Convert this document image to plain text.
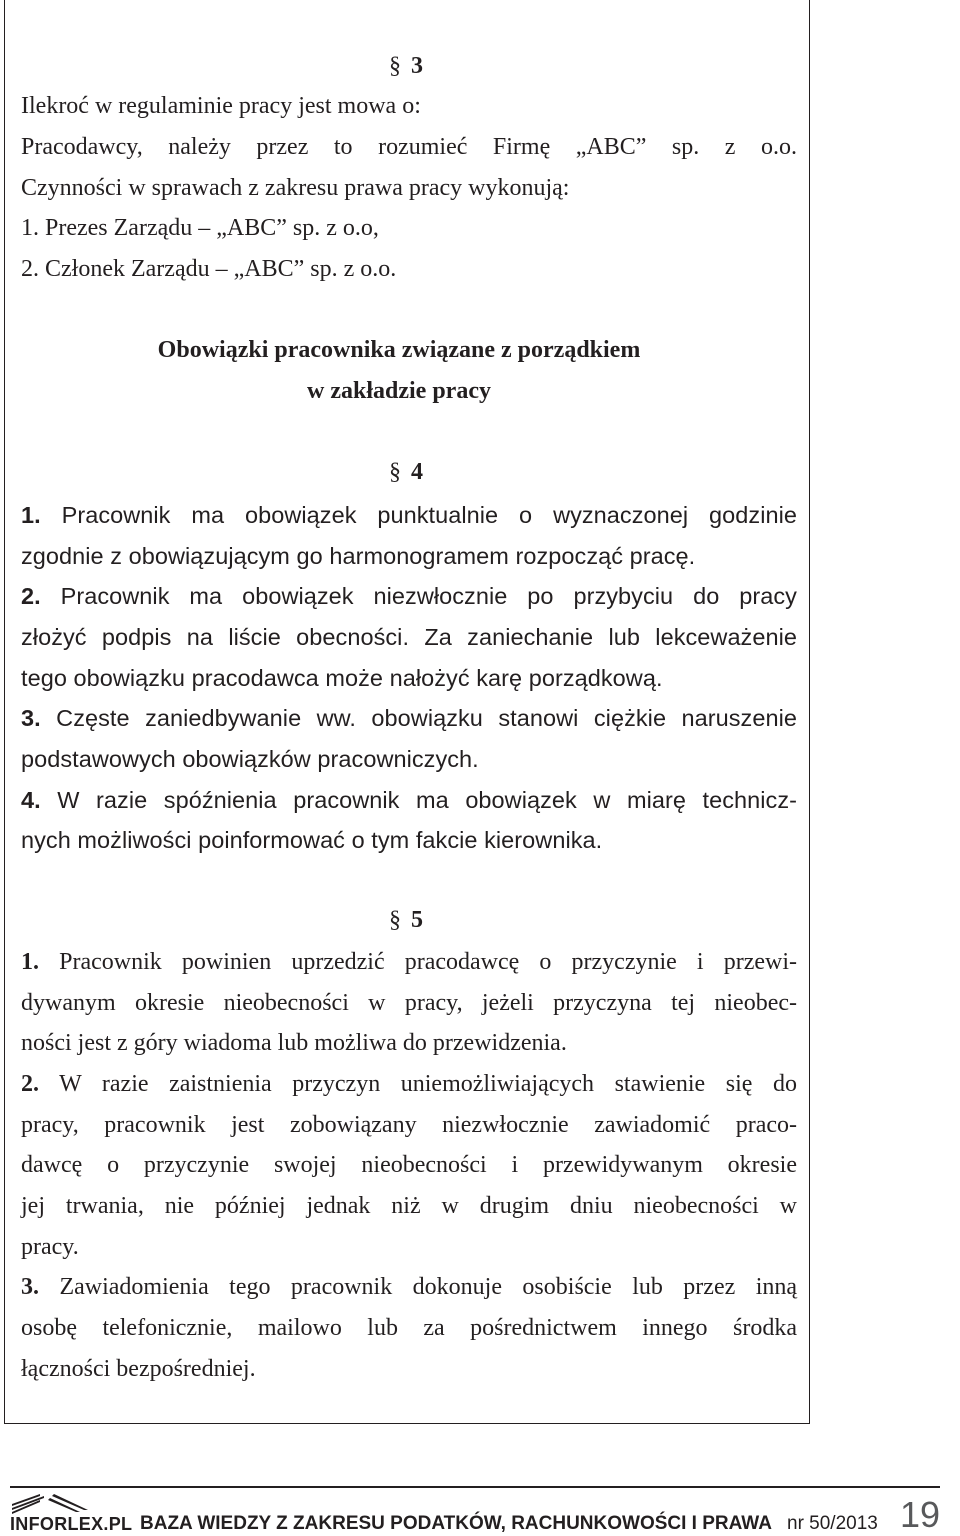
§ 3
Ilekroć w regulaminie pracy jest mowa o:
Pracodawcy, należy przez to rozumieć Firmę „ABC” sp. z o.o.
Czynności w sprawach z zakresu prawa pracy wykonują:
1. Prezes Zarządu – „ABC” sp. z o.o,
2. Członek Zarządu – „ABC” sp. z o.o.
Obowiązki pracownika związane z porządkiem
w zakładzie pracy
§ 4
1. Pracownik ma obowiązek punktualnie o wyznaczonej godzinie
zgodnie z obowiązującym go harmonogramem rozpocząć pracę.
2. Pracownik ma obowiązek niezwłocznie po przybyciu do pracy
złożyć podpis na liście obecności. Za zaniechanie lub lekceważenie
tego obowiązku pracodawca może nałożyć karę porządkową.
3. Częste zaniedbywanie ww. obowiązku stanowi ciężkie naruszenie
podstawowych obowiązków pracowniczych.
4. W razie spóźnienia pracownik ma obowiązek w miarę technicz-
nych możliwości poinformować o tym fakcie kierownika.
§ 5
1. Pracownik powinien uprzedzić pracodawcę o przyczynie i przewi-
dywanym okresie nieobecności w pracy, jeżeli przyczyna tej nieobec-
ności jest z góry wiadoma lub możliwa do przewidzenia.
2. W razie zaistnienia przyczyn uniemożliwiających stawienie się do
pracy, pracownik jest zobowiązany niezwłocznie zawiadomić praco-
dawcę o przyczynie swojej nieobecności i przewidywanym okresie
jej trwania, nie później jednak niż w drugim dniu nieobecności w
pracy.
3. Zawiadomienia tego pracownik dokonuje osobiście lub przez inną
osobę telefonicznie, mailowo lub za pośrednictwem innego środka
łączności bezpośredniej.
INFORLEX.PL BAZA WIEDZY Z ZAKRESU PODATKÓW, RACHUNKOWOŚCI I PRAWA nr 50/2013 19
